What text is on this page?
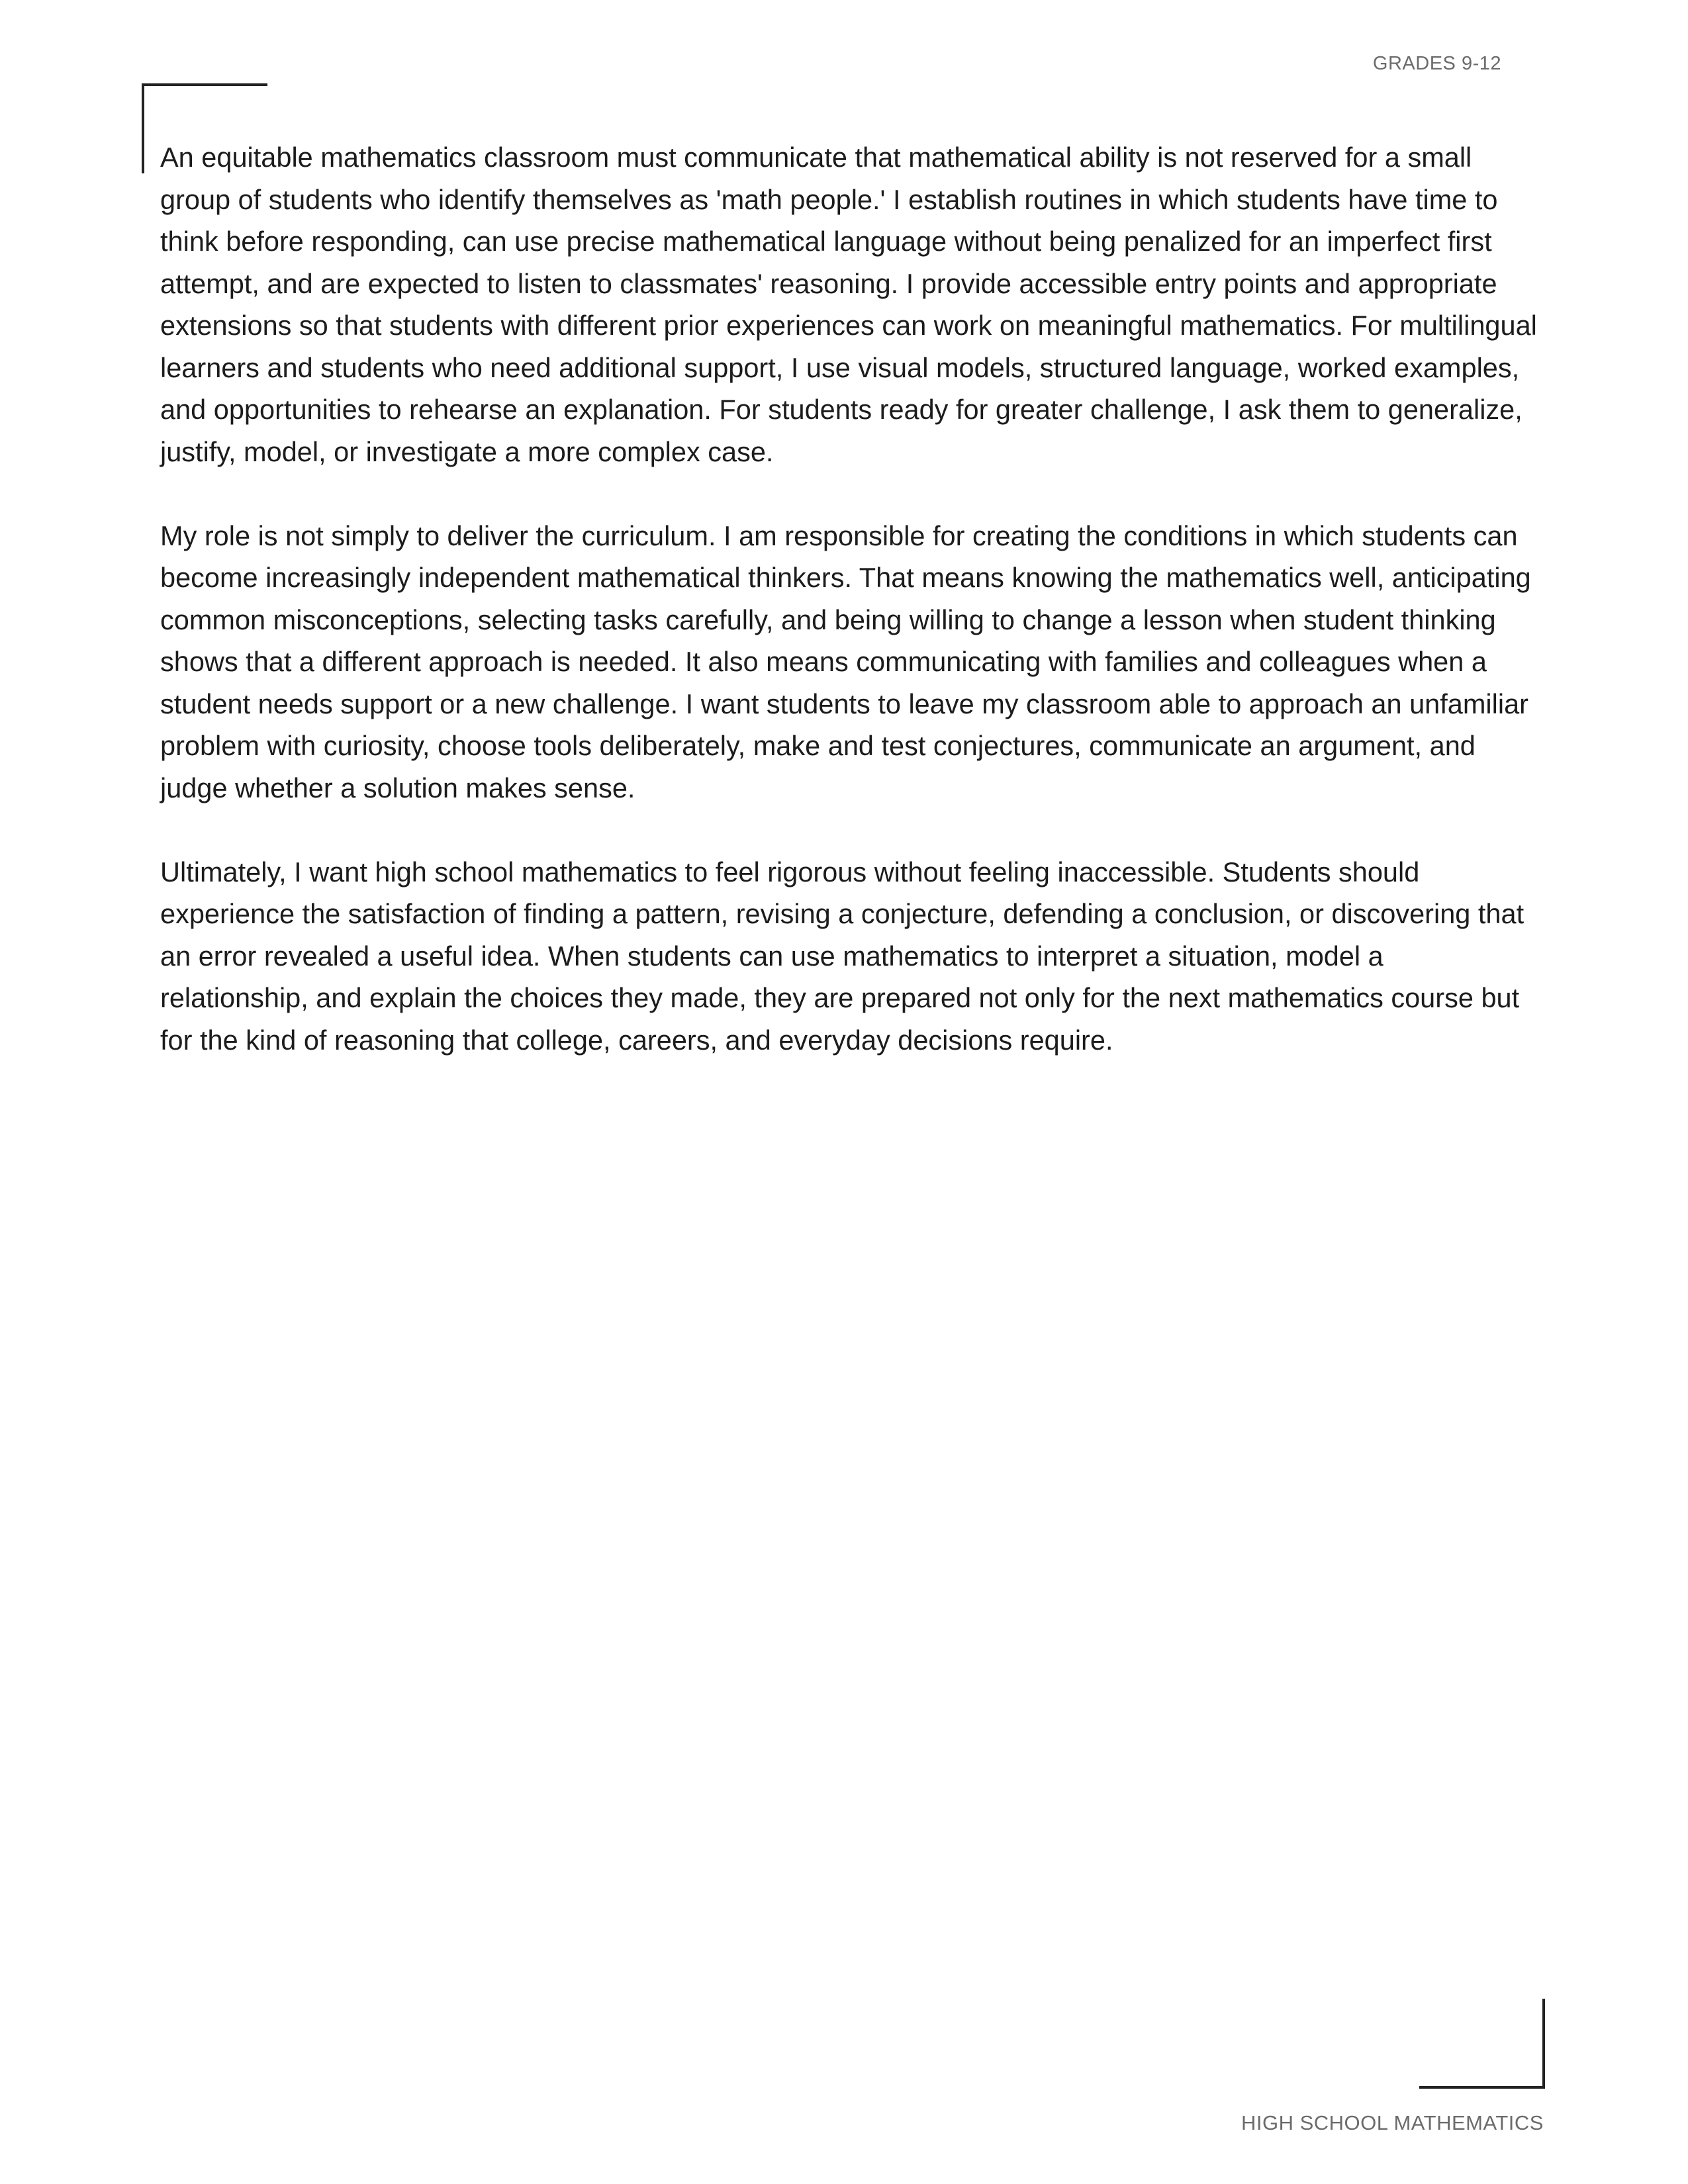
GRADES 9-12

An equitable mathematics classroom must communicate that mathematical ability is not reserved for a small group of students who identify themselves as 'math people.' I establish routines in which students have time to think before responding, can use precise mathematical language without being penalized for an imperfect first attempt, and are expected to listen to classmates' reasoning. I provide accessible entry points and appropriate extensions so that students with different prior experiences can work on meaningful mathematics. For multilingual learners and students who need additional support, I use visual models, structured language, worked examples, and opportunities to rehearse an explanation. For students ready for greater challenge, I ask them to generalize, justify, model, or investigate a more complex case.

My role is not simply to deliver the curriculum. I am responsible for creating the conditions in which students can become increasingly independent mathematical thinkers. That means knowing the mathematics well, anticipating common misconceptions, selecting tasks carefully, and being willing to change a lesson when student thinking shows that a different approach is needed. It also means communicating with families and colleagues when a student needs support or a new challenge. I want students to leave my classroom able to approach an unfamiliar problem with curiosity, choose tools deliberately, make and test conjectures, communicate an argument, and judge whether a solution makes sense.

Ultimately, I want high school mathematics to feel rigorous without feeling inaccessible. Students should experience the satisfaction of finding a pattern, revising a conjecture, defending a conclusion, or discovering that an error revealed a useful idea. When students can use mathematics to interpret a situation, model a relationship, and explain the choices they made, they are prepared not only for the next mathematics course but for the kind of reasoning that college, careers, and everyday decisions require.

HIGH SCHOOL MATHEMATICS
